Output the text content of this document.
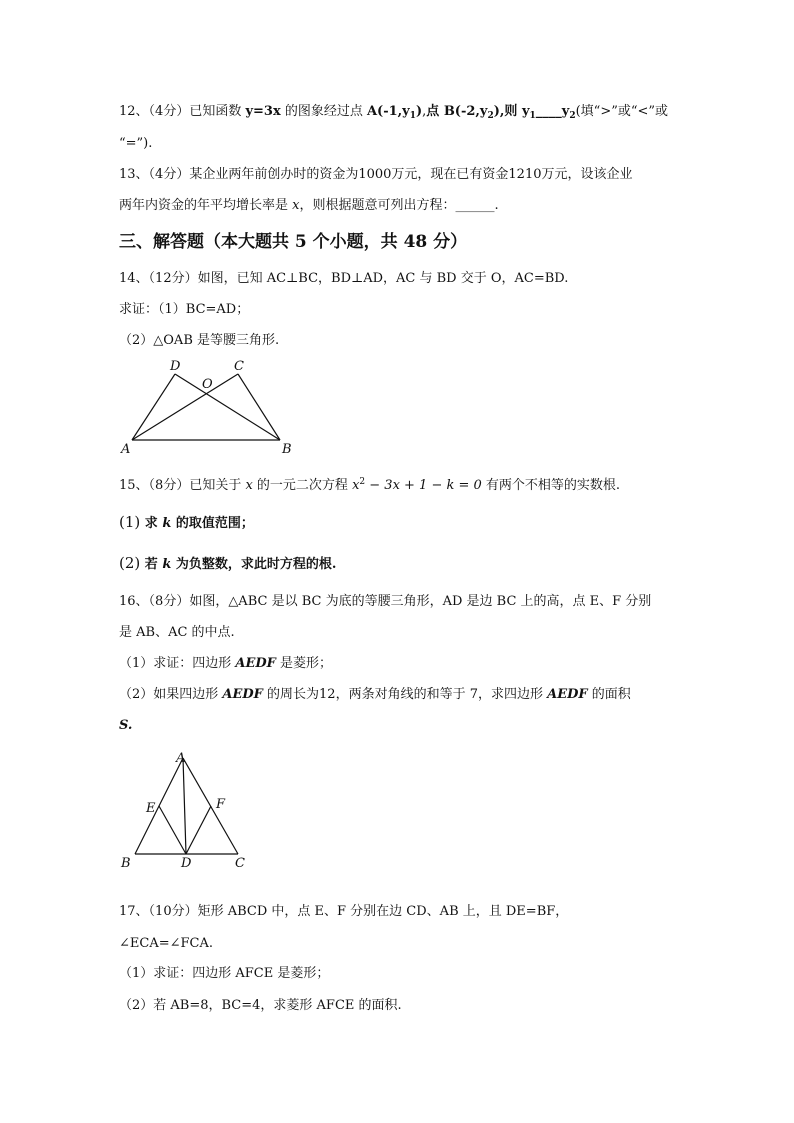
12、（4分）已知函数 y=3x 的图象经过点 $A(-1,y_1)$,点 $B(-2,y_2)$,则 $y_1\_\_\_\_y_2$(填“>”或“<”或
“=”).
13、（4分）某企业两年前创办时的资金为1000万元，现在已有资金1210万元，设该企业
两年内资金的年平均增长率是 x，则根据题意可列出方程：______.
三、解答题（本大题共 5 个小题，共 48 分）
14、（12分）如图，已知 AC⊥BC，BD⊥AD，AC 与 BD 交于 O，AC=BD.
求证：（1）BC=AD；
（2）△OAB 是等腰三角形.
A	B
C
D
O
15、（8分）已知关于 x 的一元二次方程 $x^2 - 3x + 1 - k = 0$ 有两个不相等的实数根.
(1) 求 k 的取值范围；
(2) 若 k 为负整数，求此时方程的根.
16、（8分）如图，△ABC 是以 BC 为底的等腰三角形，AD 是边 BC 上的高，点 E、F 分别
是 AB、AC 的中点.
（1）求证：四边形 AEDF 是菱形；
（2）如果四边形 AEDF 的周长为12，两条对角线的和等于 7，求四边形 AEDF 的面积
S.
A
B	C
D
E	F
17、（10分）矩形 ABCD 中，点 E、F 分别在边 CD、AB 上，且 DE=BF，
∠ECA=∠FCA.
（1）求证：四边形 AFCE 是菱形；
（2）若 AB=8，BC=4，求菱形 AFCE 的面积.
